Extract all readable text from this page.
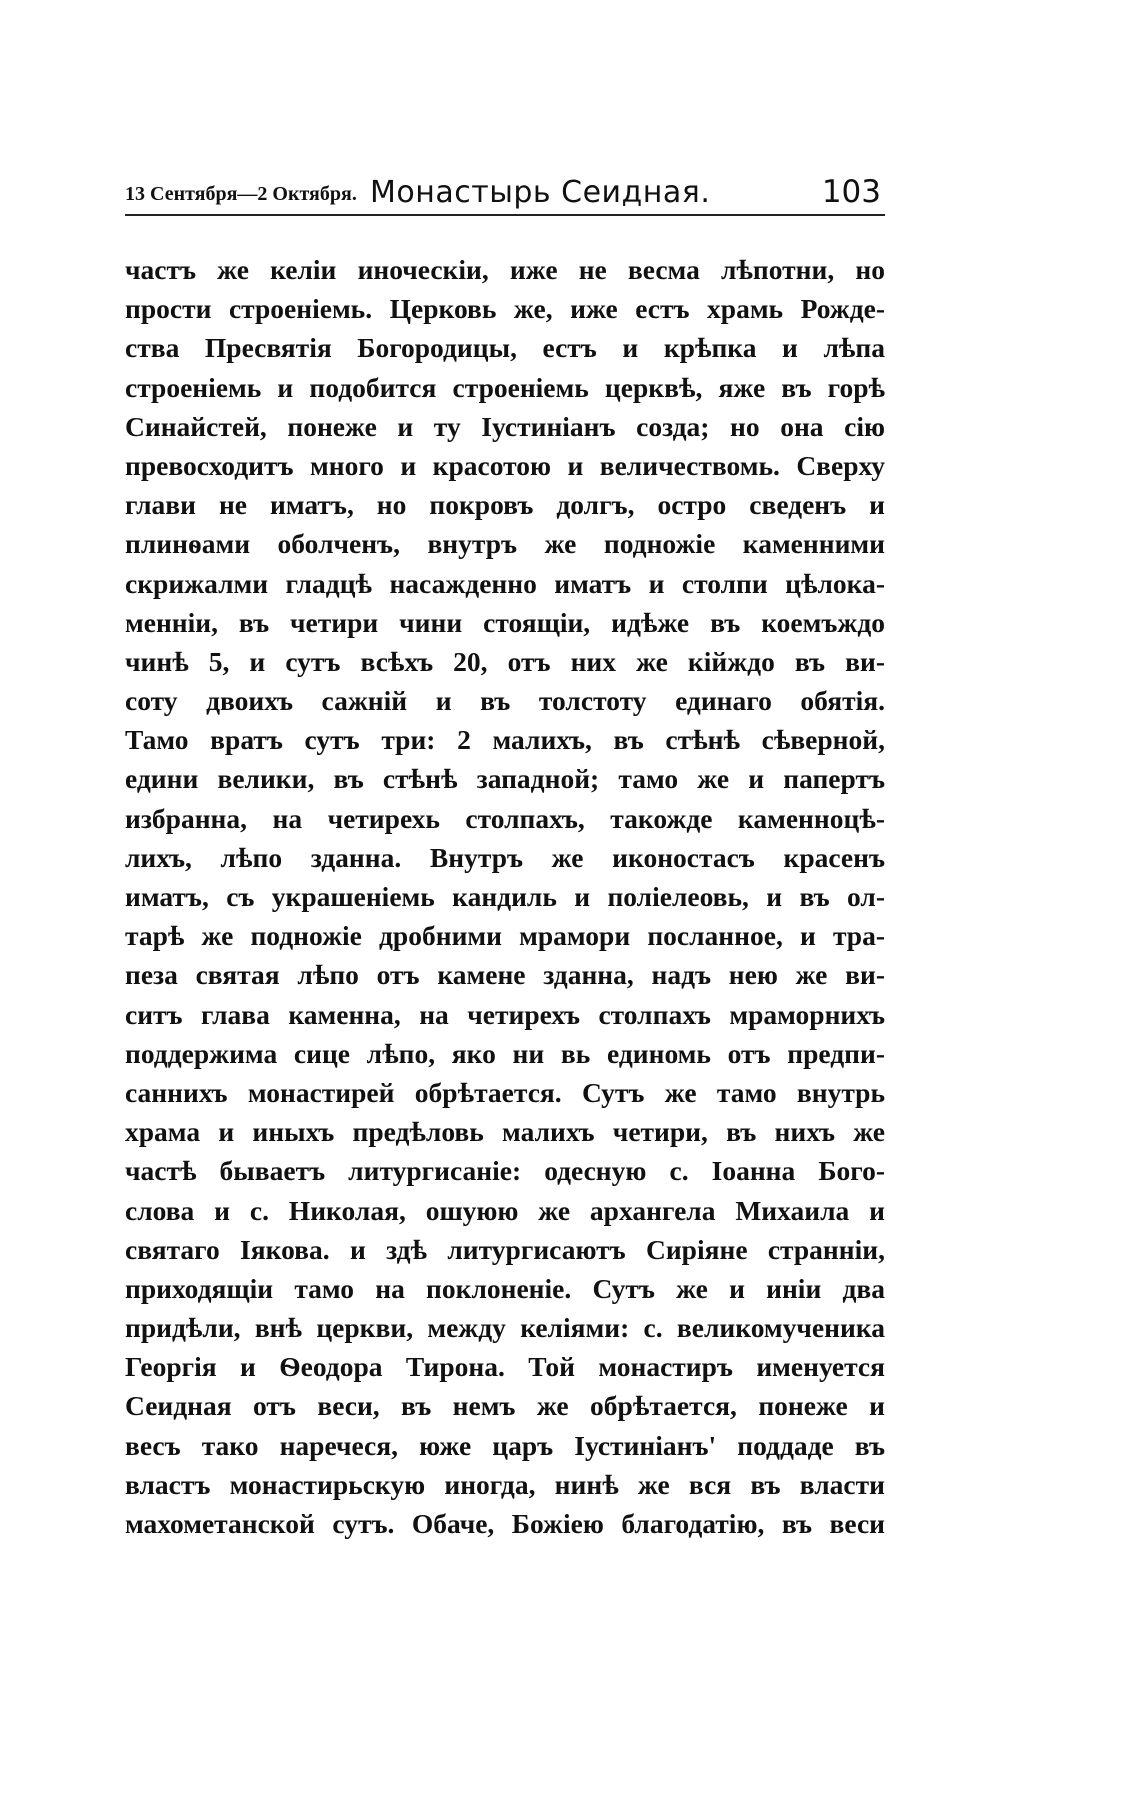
13 Сентября—2 Октября. Монастырь Сеидная.	103
частъ же келiи иноческiи, иже не весма лѣпотни, но
прости строенiемь. Церковь же, иже естъ храмь Рожде-
ства Пресвятiя Богородицы, естъ и крѣпка и лѣпа
строенiемь и подобится строенiемь церквѣ, яже въ горѣ
Синайстей, понеже и ту Iустинiанъ созда; но она сiю
превосходитъ много и красотою и величествомь. Сверху
глави не иматъ, но покровъ долгъ, остро сведенъ и
плинѳами оболченъ, внутръ же подножiе каменними
скрижалми гладцѣ насажденно иматъ и столпи цѣлока-
меннiи, въ четири чини стоящiи, идѣже въ коемъждо
чинѣ 5, и сутъ всѣхъ 20, отъ них же кiйждо въ ви-
соту двоихъ сажнiй и въ толстоту единаго обятiя.
Тамо вратъ сутъ три: 2 малихъ, въ стѣнѣ сѣверной,
едини велики, въ стѣнѣ западной; тамо же и папертъ
избранна, на четирехь столпахъ, такожде каменноцѣ-
лихъ, лѣпо зданна. Внутръ же иконостасъ красенъ
иматъ, съ украшенiемь кандиль и полiелеовь, и въ ол-
тарѣ же подножiе дробними мрамори посланное, и тра-
пеза святая лѣпо отъ камене зданна, надъ нею же ви-
ситъ глава каменна, на четирехъ столпахъ мраморнихъ
поддержима сице лѣпо, яко ни вь единомь отъ предпи-
саннихъ монастирей обрѣтается. Сутъ же тамо внутрь
храма и иныхъ предѣловь малихъ четири, въ нихъ же
частѣ бываетъ литургисанiе: одесную с. Iоанна Бого-
слова и с. Николая, ошуюю же архангела Михаила и
святаго Iякова. и здѣ литургисаютъ Сирiяне страннiи,
приходящiи тамо на поклоненiе. Сутъ же и инiи два
придѣли, внѣ церкви, между келiями: с. великомученика
Георгiя и Ѳеодора Тирона. Той монастиръ именуется
Сеидная отъ веси, въ немъ же обрѣтается, понеже и
весъ тако наречеся, юже царъ Iустинiанъ' поддаде въ
властъ монастирьскую иногда, нинѣ же вся въ власти
махометанской сутъ. Обаче, Божiею благодатiю, въ веси
